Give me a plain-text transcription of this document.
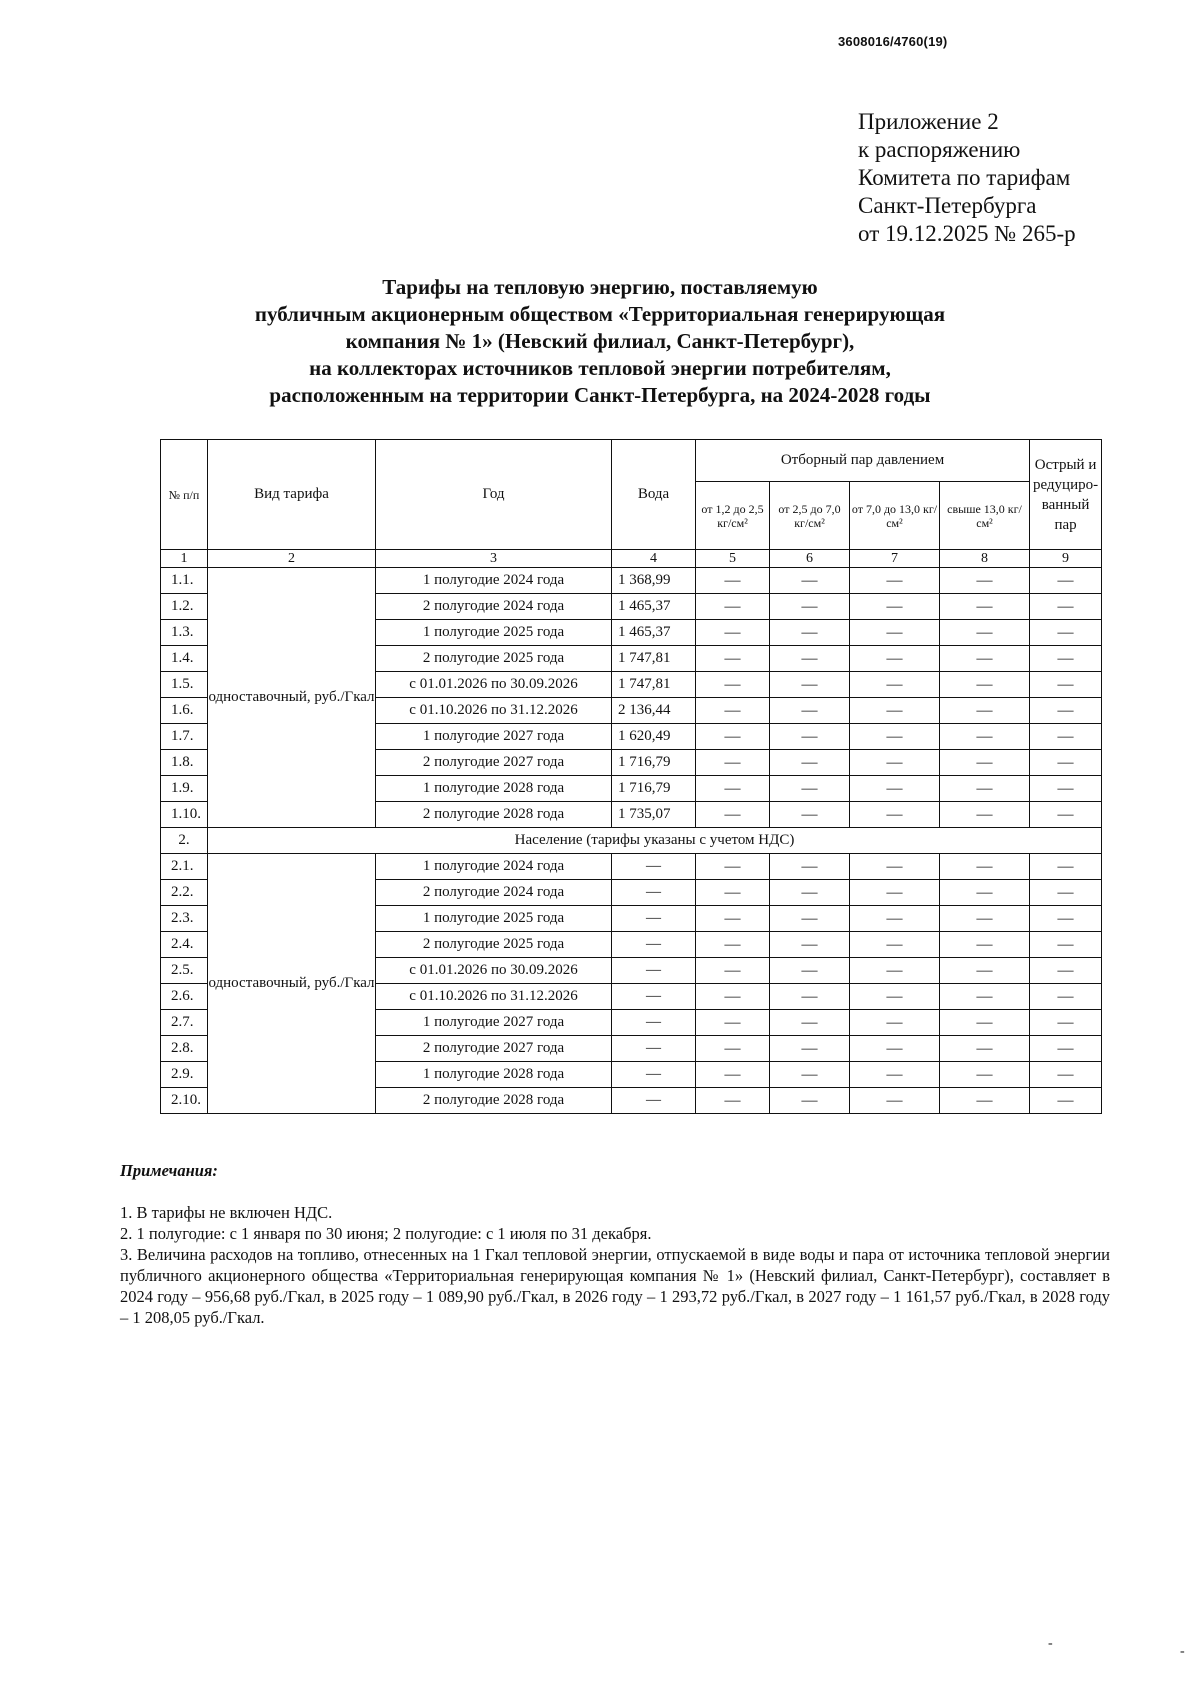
3608016/4760(19)
Приложение 2
к распоряжению
Комитета по тарифам
Санкт-Петербурга
от 19.12.2025 № 265-р
Тарифы на тепловую энергию, поставляемую
публичным акционерным обществом «Территориальная генерирующая
компания № 1» (Невский филиал, Санкт-Петербург),
на коллекторах источников тепловой энергии потребителям,
расположенным на территории Санкт-Петербурга, на 2024-2028 годы
№ п/п	Вид тарифа	Год	Вода	Отборный пар давлением				Острый и редуциро-ванный пар
				от 1,2 до 2,5 кг/см²	от 2,5 до 7,0 кг/см²	от 7,0 до 13,0 кг/см²	свыше 13,0 кг/см²	
1	2	3	4	5	6	7	8	9
1.1.	одноставочный, руб./Гкал	1 полугодие 2024 года	1 368,99	—	—	—	—	—
1.2.		2 полугодие 2024 года	1 465,37	—	—	—	—	—
1.3.		1 полугодие 2025 года	1 465,37	—	—	—	—	—
1.4.		2 полугодие 2025 года	1 747,81	—	—	—	—	—
1.5.		с 01.01.2026 по 30.09.2026	1 747,81	—	—	—	—	—
1.6.		с 01.10.2026 по 31.12.2026	2 136,44	—	—	—	—	—
1.7.		1 полугодие 2027 года	1 620,49	—	—	—	—	—
1.8.		2 полугодие 2027 года	1 716,79	—	—	—	—	—
1.9.		1 полугодие 2028 года	1 716,79	—	—	—	—	—
1.10.		2 полугодие 2028 года	1 735,07	—	—	—	—	—
2.	Население (тарифы указаны с учетом НДС)							
2.1.	одноставочный, руб./Гкал	1 полугодие 2024 года	—	—	—	—	—	—
2.2.		2 полугодие 2024 года	—	—	—	—	—	—
2.3.		1 полугодие 2025 года	—	—	—	—	—	—
2.4.		2 полугодие 2025 года	—	—	—	—	—	—
2.5.		с 01.01.2026 по 30.09.2026	—	—	—	—	—	—
2.6.		с 01.10.2026 по 31.12.2026	—	—	—	—	—	—
2.7.		1 полугодие 2027 года	—	—	—	—	—	—
2.8.		2 полугодие 2027 года	—	—	—	—	—	—
2.9.		1 полугодие 2028 года	—	—	—	—	—	—
2.10.		2 полугодие 2028 года	—	—	—	—	—	—
Примечания:

1. В тарифы не включен НДС.

2. 1 полугодие: с 1 января по 30 июня; 2 полугодие: с 1 июля по 31 декабря.

3. Величина расходов на топливо, отнесенных на 1 Гкал тепловой энергии, отпускаемой в виде воды и пара от источника тепловой энергии публичного акционерного общества «Территориальная генерирующая компания № 1» (Невский филиал, Санкт-Петербург), составляет в 2024 году – 956,68 руб./Гкал, в 2025 году – 1 089,90 руб./Гкал, в 2026 году – 1 293,72 руб./Гкал, в 2027 году – 1 161,57 руб./Гкал, в 2028 году – 1 208,05 руб./Гкал.

-
-
